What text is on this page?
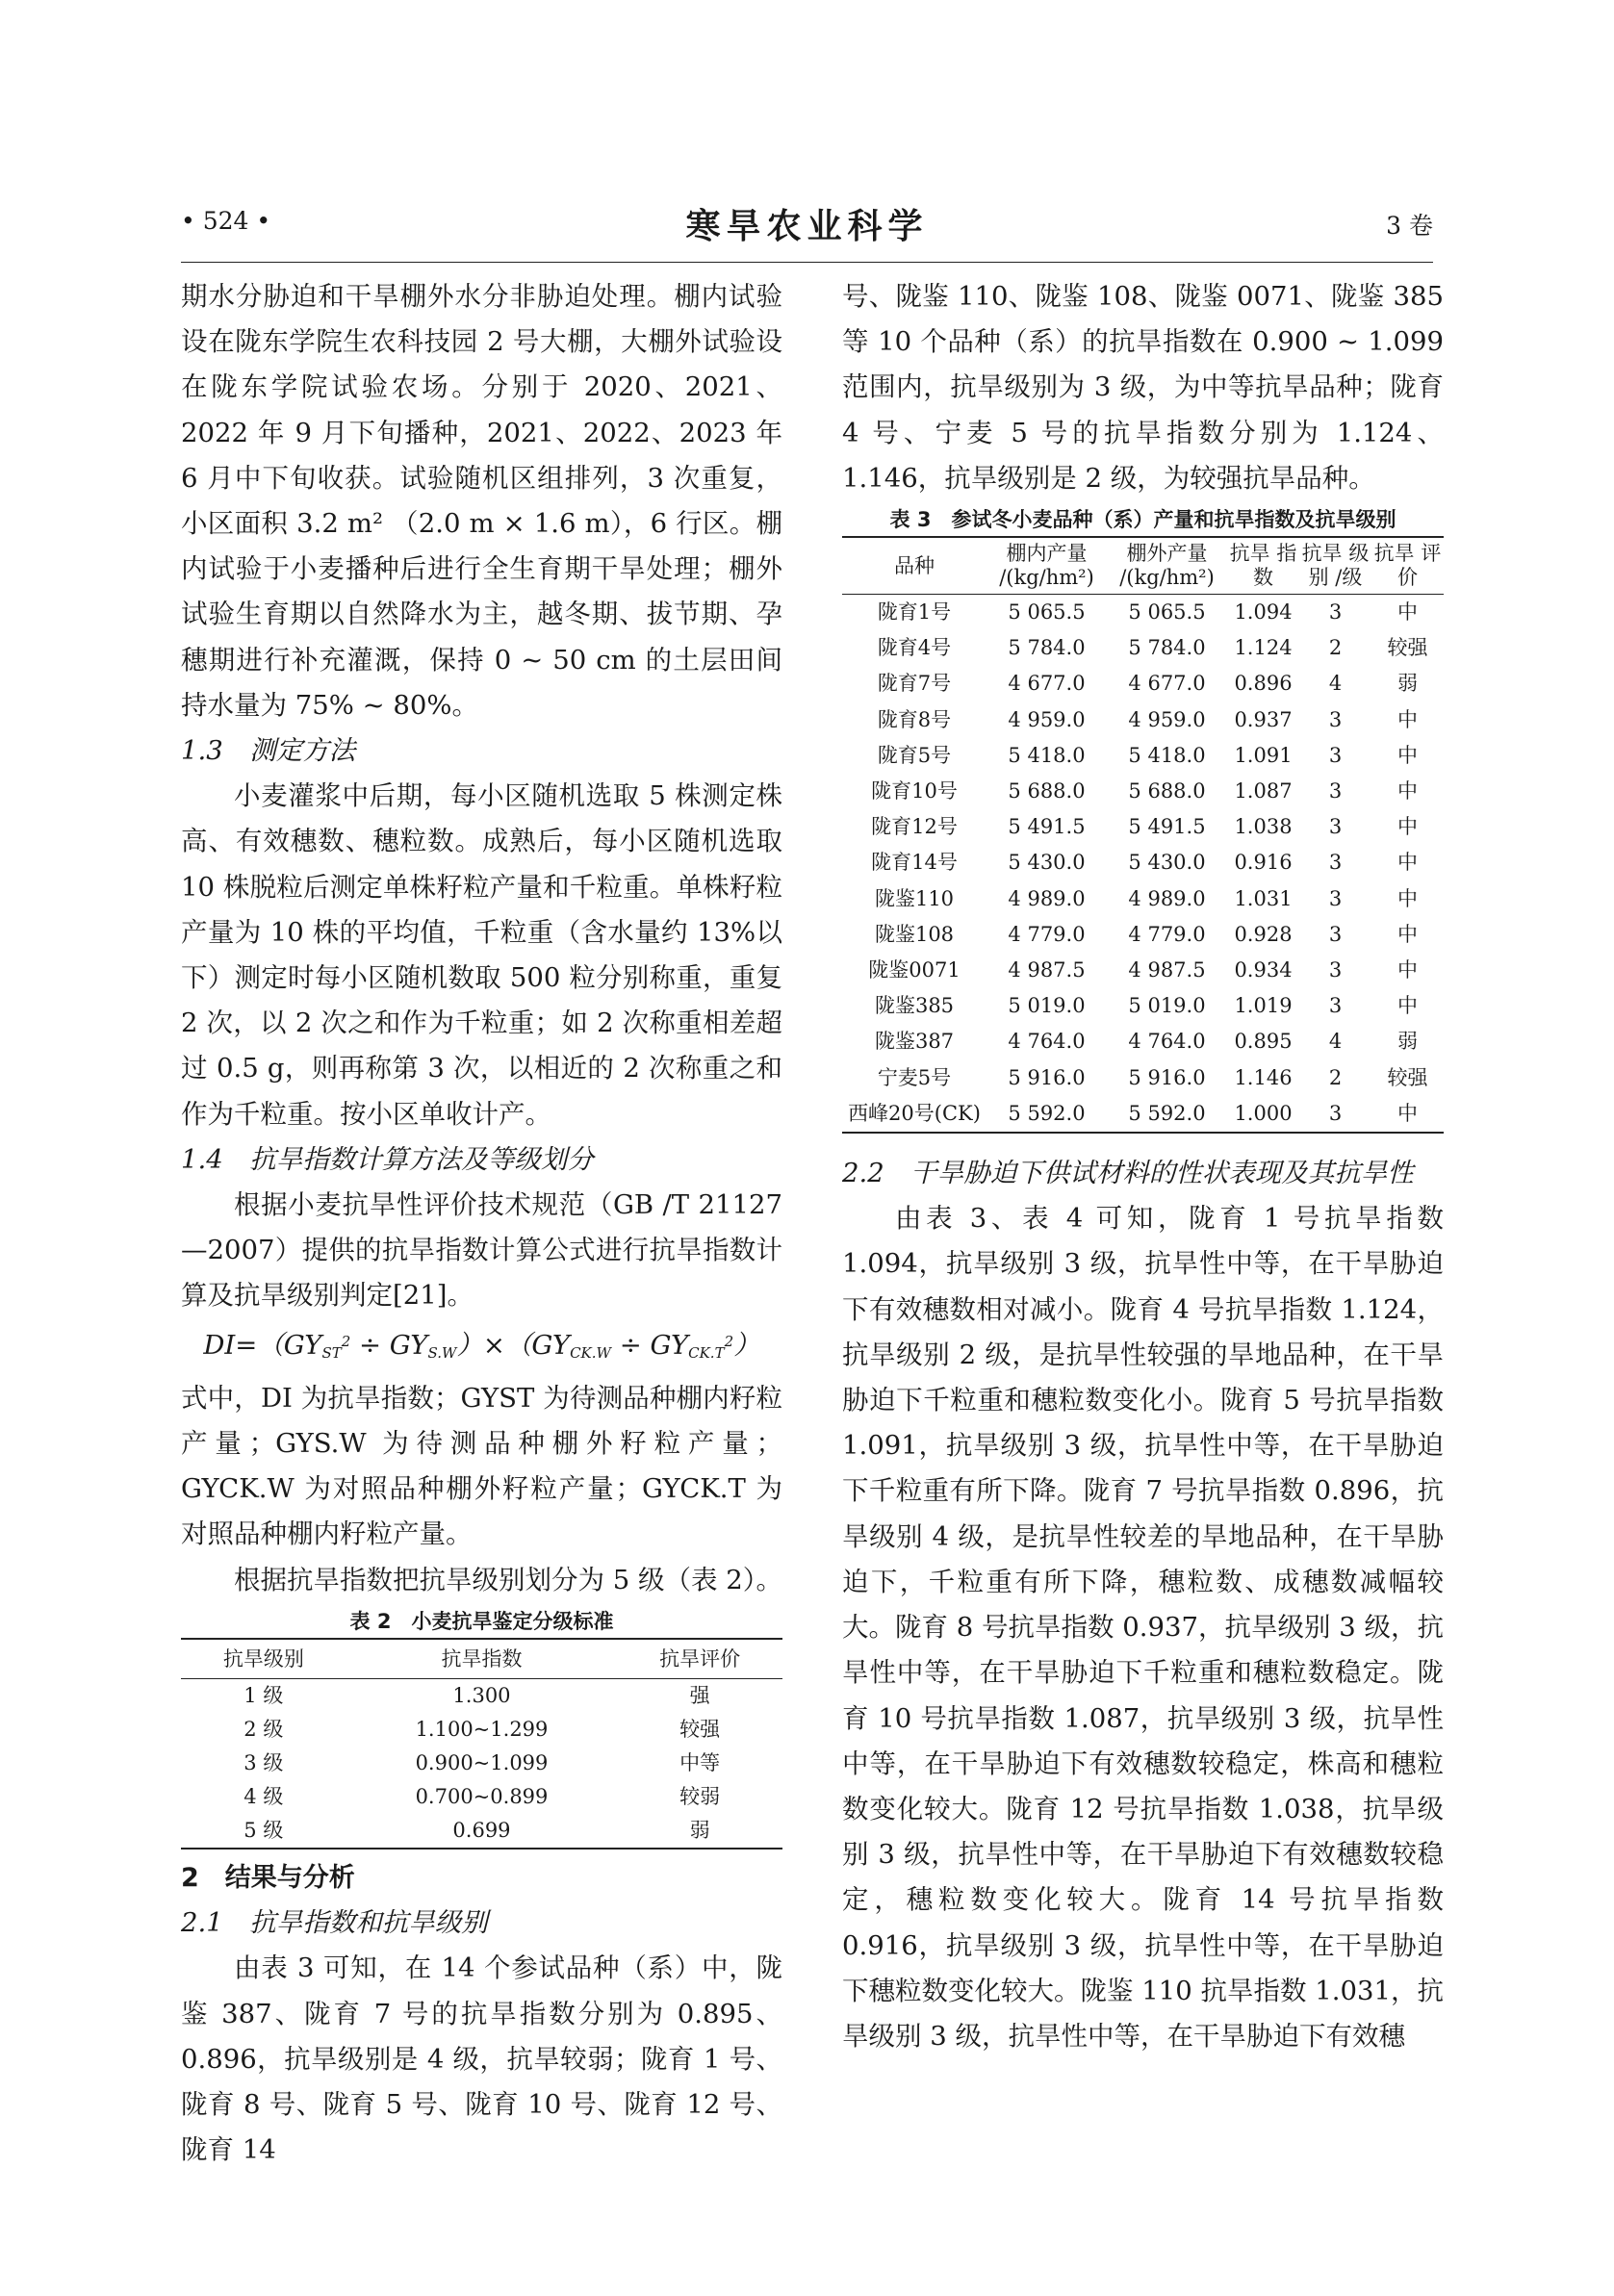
• 524 •	寒旱农业科学	3 卷

期水分胁迫和干旱棚外水分非胁迫处理。棚内试验设在陇东学院生农科技园 2 号大棚，大棚外试验设在陇东学院试验农场。分别于 2020、2021、2022 年 9 月下旬播种，2021、2022、2023 年 6 月中下旬收获。试验随机区组排列，3 次重复，小区面积 3.2 m² （2.0 m × 1.6 m），6 行区。棚内试验于小麦播种后进行全生育期干旱处理；棚外试验生育期以自然降水为主，越冬期、拔节期、孕穗期进行补充灌溉，保持 0 ~ 50 cm 的土层田间持水量为 75% ~ 80%。

1.3　测定方法

小麦灌浆中后期，每小区随机选取 5 株测定株高、有效穗数、穗粒数。成熟后，每小区随机选取 10 株脱粒后测定单株籽粒产量和千粒重。单株籽粒产量为 10 株的平均值，千粒重（含水量约 13%以下）测定时每小区随机数取 500 粒分别称重，重复 2 次，以 2 次之和作为千粒重；如 2 次称重相差超过 0.5 g，则再称第 3 次，以相近的 2 次称重之和作为千粒重。按小区单收计产。

1.4　抗旱指数计算方法及等级划分

根据小麦抗旱性评价技术规范（GB /T 21127—2007）提供的抗旱指数计算公式进行抗旱指数计算及抗旱级别判定[21]。

$DI=(GY_{ST}^2 \div GY_{S.W})\times(GY_{CK.W} \div GY_{CK.T}^2)$

式中，DI 为抗旱指数；GYST 为待测品种棚内籽粒产量；GYS.W 为待测品种棚外籽粒产量；GYCK.W 为对照品种棚外籽粒产量；GYCK.T 为对照品种棚内籽粒产量。

根据抗旱指数把抗旱级别划分为 5 级（表 2）。

表 2　小麦抗旱鉴定分级标准
抗旱级别	抗旱指数	抗旱评价
1 级	1.300	强
2 级	1.100~1.299	较强
3 级	0.900~1.099	中等
4 级	0.700~0.899	较弱
5 级	0.699	弱
2　结果与分析
2.1　抗旱指数和抗旱级别

由表 3 可知，在 14 个参试品种（系）中，陇鉴 387、陇育 7 号的抗旱指数分别为 0.895、0.896，抗旱级别是 4 级，抗旱较弱；陇育 1 号、陇育 8 号、陇育 5 号、陇育 10 号、陇育 12 号、陇育 14

号、陇鉴 110、陇鉴 108、陇鉴 0071、陇鉴 385 等 10 个品种（系）的抗旱指数在 0.900 ~ 1.099 范围内，抗旱级别为 3 级，为中等抗旱品种；陇育 4 号、宁麦 5 号的抗旱指数分别为 1.124、1.146，抗旱级别是 2 级，为较强抗旱品种。

表 3　参试冬小麦品种（系）产量和抗旱指数及抗旱级别
品种	棚内产量 /(kg/hm²)	棚外产量 /(kg/hm²)	抗旱 指数	抗旱 级别 /级	抗旱 评价
陇育1号	5 065.5	5 065.5	1.094	3	中
陇育4号	5 784.0	5 784.0	1.124	2	较强
陇育7号	4 677.0	4 677.0	0.896	4	弱
陇育8号	4 959.0	4 959.0	0.937	3	中
陇育5号	5 418.0	5 418.0	1.091	3	中
陇育10号	5 688.0	5 688.0	1.087	3	中
陇育12号	5 491.5	5 491.5	1.038	3	中
陇育14号	5 430.0	5 430.0	0.916	3	中
陇鉴110	4 989.0	4 989.0	1.031	3	中
陇鉴108	4 779.0	4 779.0	0.928	3	中
陇鉴0071	4 987.5	4 987.5	0.934	3	中
陇鉴385	5 019.0	5 019.0	1.019	3	中
陇鉴387	4 764.0	4 764.0	0.895	4	弱
宁麦5号	5 916.0	5 916.0	1.146	2	较强
西峰20号(CK)	5 592.0	5 592.0	1.000	3	中
2.2　干旱胁迫下供试材料的性状表现及其抗旱性

由表 3、表 4 可知，陇育 1 号抗旱指数 1.094，抗旱级别 3 级，抗旱性中等，在干旱胁迫下有效穗数相对减小。陇育 4 号抗旱指数 1.124，抗旱级别 2 级，是抗旱性较强的旱地品种，在干旱胁迫下千粒重和穗粒数变化小。陇育 5 号抗旱指数 1.091，抗旱级别 3 级，抗旱性中等，在干旱胁迫下千粒重有所下降。陇育 7 号抗旱指数 0.896，抗旱级别 4 级，是抗旱性较差的旱地品种，在干旱胁迫下，千粒重有所下降，穗粒数、成穗数减幅较大。陇育 8 号抗旱指数 0.937，抗旱级别 3 级，抗旱性中等，在干旱胁迫下千粒重和穗粒数稳定。陇育 10 号抗旱指数 1.087，抗旱级别 3 级，抗旱性中等，在干旱胁迫下有效穗数较稳定，株高和穗粒数变化较大。陇育 12 号抗旱指数 1.038，抗旱级别 3 级，抗旱性中等，在干旱胁迫下有效穗数较稳定，穗粒数变化较大。陇育 14 号抗旱指数 0.916，抗旱级别 3 级，抗旱性中等，在干旱胁迫下穗粒数变化较大。陇鉴 110 抗旱指数 1.031，抗旱级别 3 级，抗旱性中等，在干旱胁迫下有效穗
